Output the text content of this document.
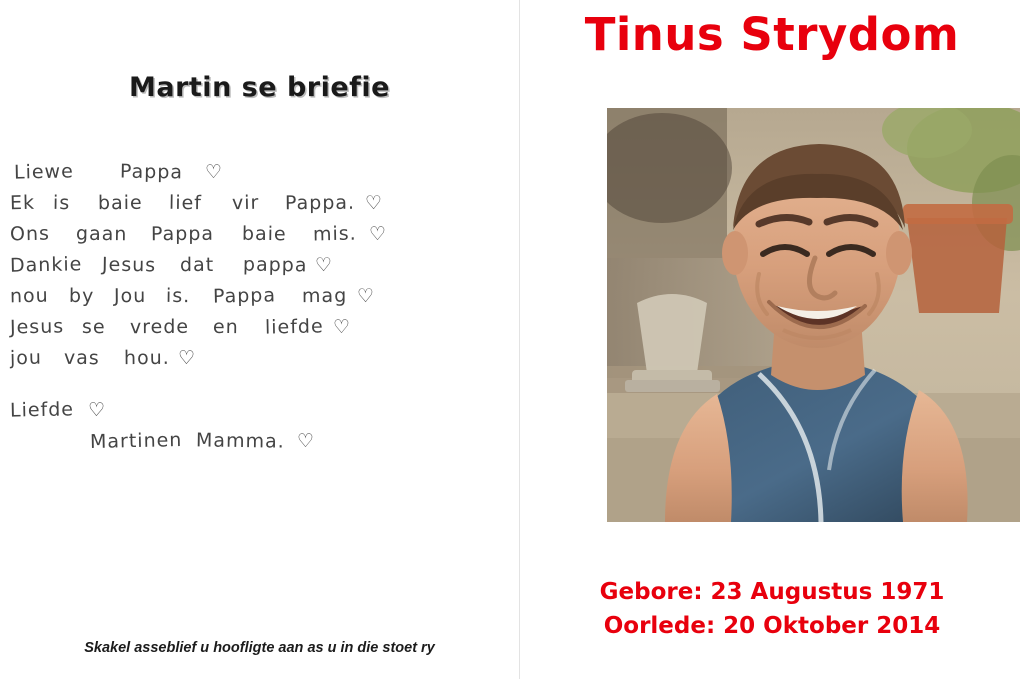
Martin se briefie
Liewe Pappa ♡
Ek is baie lief vir Pappa. ♡
Ons gaan Pappa baie mis. ♡
Dankie Jesus dat pappa ♡
nou by Jou is. Pappa mag ♡
Jesus se vrede en liefde ♡
jou vas hou. ♡
Liefde ♡
Martinen Mamma. ♡
Skakel asseblief u hoofligte aan as u in die stoet ry
Tinus Strydom
Gebore: 23 Augustus 1971
Oorlede: 20 Oktober 2014
